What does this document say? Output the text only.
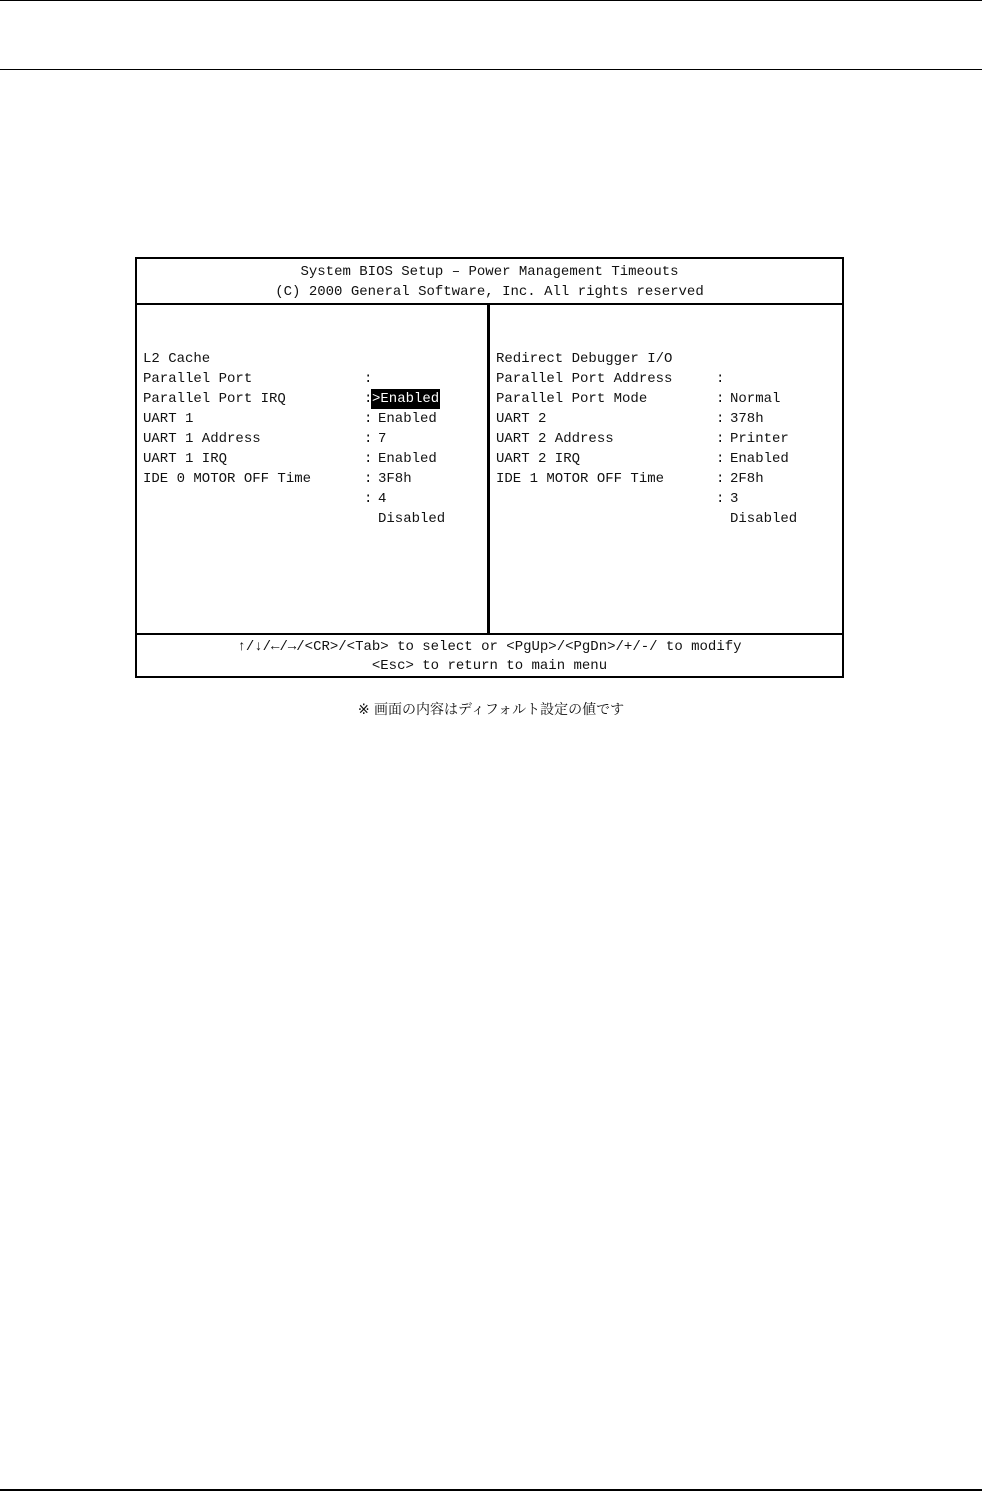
System BIOS Setup – Power Management Timeouts
(C) 2000 General Software, Inc. All rights reserved

L2 Cache

:

>Enabled

Parallel Port

:

Enabled

Parallel Port IRQ

:

7

UART 1

:

Enabled

UART 1 Address

:

3F8h

UART 1 IRQ

:

4

IDE 0 MOTOR OFF Time

:

Disabled

Redirect Debugger I/O

:

Normal

Parallel Port Address

:

378h

Parallel Port Mode

:

Printer

UART 2

:

Enabled

UART 2 Address

:

2F8h

UART 2 IRQ

:

3

IDE 1 MOTOR OFF Time

:

Disabled

↑/↓/←/→/<CR>/<Tab> to select or <PgUp>/<PgDn>/+/-/ to modify
<Esc> to return to main menu
※ 画面の内容はディフォルト設定の値です
